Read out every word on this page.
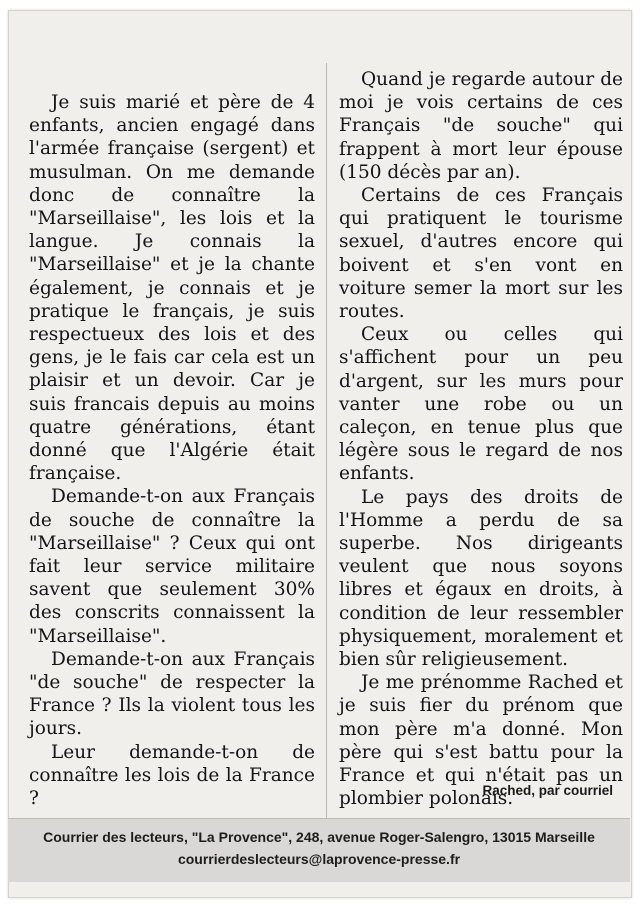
Je suis marié et père de 4 enfants, ancien engagé dans l'armée française (sergent) et musulman. On me demande donc de connaître la "Marseillaise", les lois et la langue. Je connais la "Marseillaise" et je la chante également, je connais et je pratique le français, je suis respectueux des lois et des gens, je le fais car cela est un plaisir et un devoir. Car je suis francais depuis au moins quatre générations, étant donné que l'Algérie était française.

Demande-t-on aux Français de souche de connaître la "Marseillaise" ? Ceux qui ont fait leur service militaire savent que seulement 30% des conscrits connaissent la "Marseillaise".

Demande-t-on aux Français "de souche" de respecter la France ? Ils la violent tous les jours.

Leur demande-t-on de connaître les lois de la France ?

Quand je regarde autour de moi je vois certains de ces Français "de souche" qui frappent à mort leur épouse (150 décès par an).

Certains de ces Français qui pratiquent le tourisme sexuel, d'autres encore qui boivent et s'en vont en voiture semer la mort sur les routes.

Ceux ou celles qui s'affichent pour un peu d'argent, sur les murs pour vanter une robe ou un caleçon, en tenue plus que légère sous le regard de nos enfants.

Le pays des droits de l'Homme a perdu de sa superbe. Nos dirigeants veulent que nous soyons libres et égaux en droits, à condition de leur ressembler physiquement, moralement et bien sûr religieusement.

Je me prénomme Rached et je suis fier du prénom que mon père m'a donné. Mon père qui s'est battu pour la France et qui n'était pas un plombier polonais.

Rached, par courriel
Courrier des lecteurs, "La Provence", 248, avenue Roger-Salengro, 13015 Marseille
courrierdeslecteurs@laprovence-presse.fr
